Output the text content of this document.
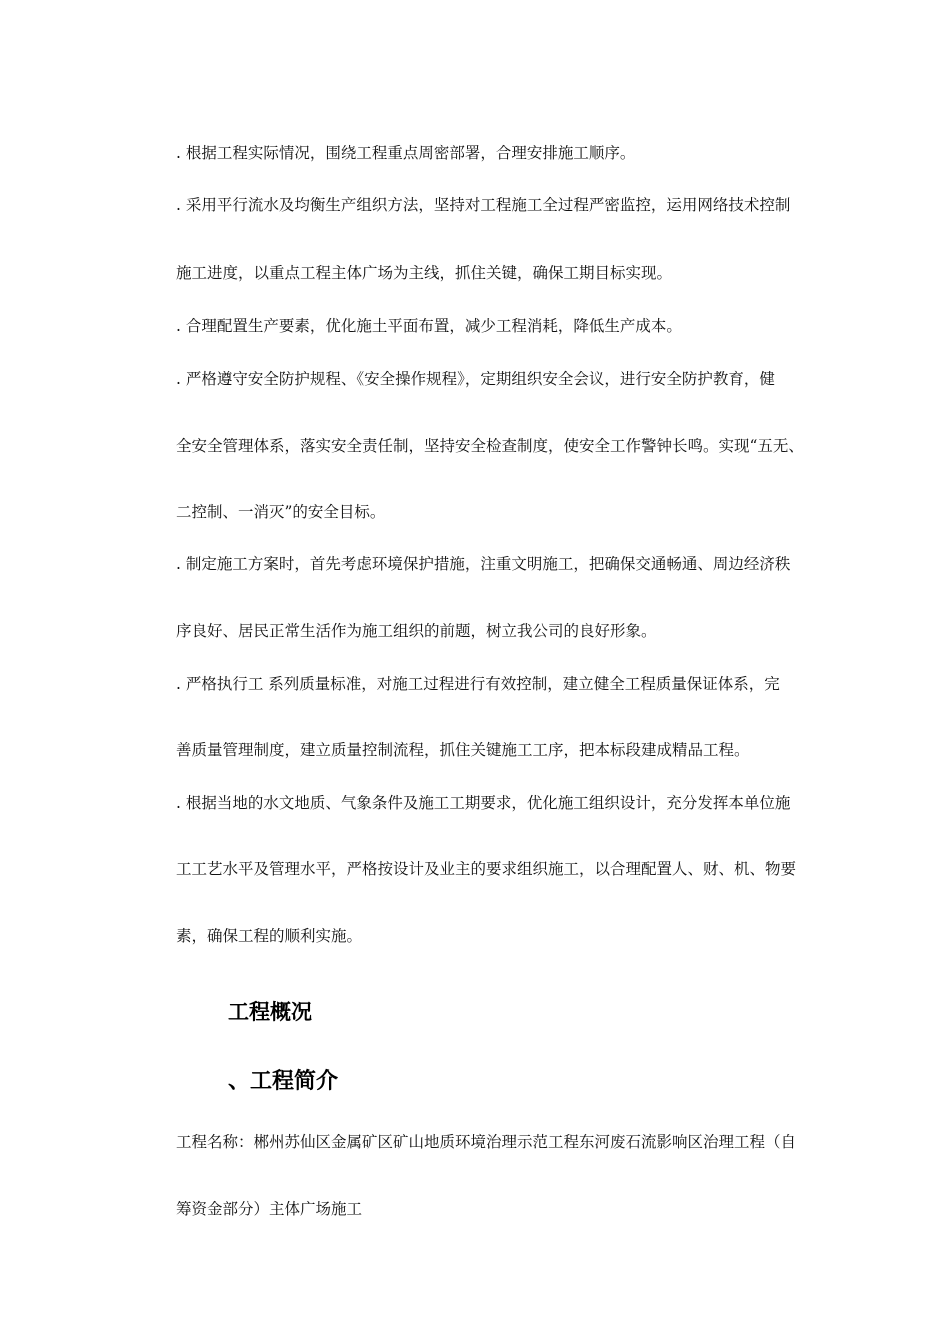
. 根据工程实际情况，围绕工程重点周密部署，合理安排施工顺序。
. 采用平行流水及均衡生产组织方法，坚持对工程施工全过程严密监控，运用网络技术控制
施工进度，以重点工程主体广场为主线，抓住关键，确保工期目标实现。
. 合理配置生产要素，优化施土平面布置，减少工程消耗，降低生产成本。
. 严格遵守安全防护规程、《安全操作规程》，定期组织安全会议，进行安全防护教育，健
全安全管理体系，落实安全责任制，坚持安全检查制度，使安全工作警钟长鸣。实现“五无、
二控制、一消灭”的安全目标。
. 制定施工方案时，首先考虑环境保护措施，注重文明施工，把确保交通畅通、周边经济秩
序良好、居民正常生活作为施工组织的前题，树立我公司的良好形象。
. 严格执行工 系列质量标准，对施工过程进行有效控制，建立健全工程质量保证体系，完
善质量管理制度，建立质量控制流程，抓住关键施工工序，把本标段建成精品工程。
. 根据当地的水文地质、气象条件及施工工期要求，优化施工组织设计，充分发挥本单位施
工工艺水平及管理水平，严格按设计及业主的要求组织施工，以合理配置人、财、机、物要
素，确保工程的顺利实施。
工程概况
、工程简介
工程名称：郴州苏仙区金属矿区矿山地质环境治理示范工程东河废石流影响区治理工程（自
筹资金部分）主体广场施工
